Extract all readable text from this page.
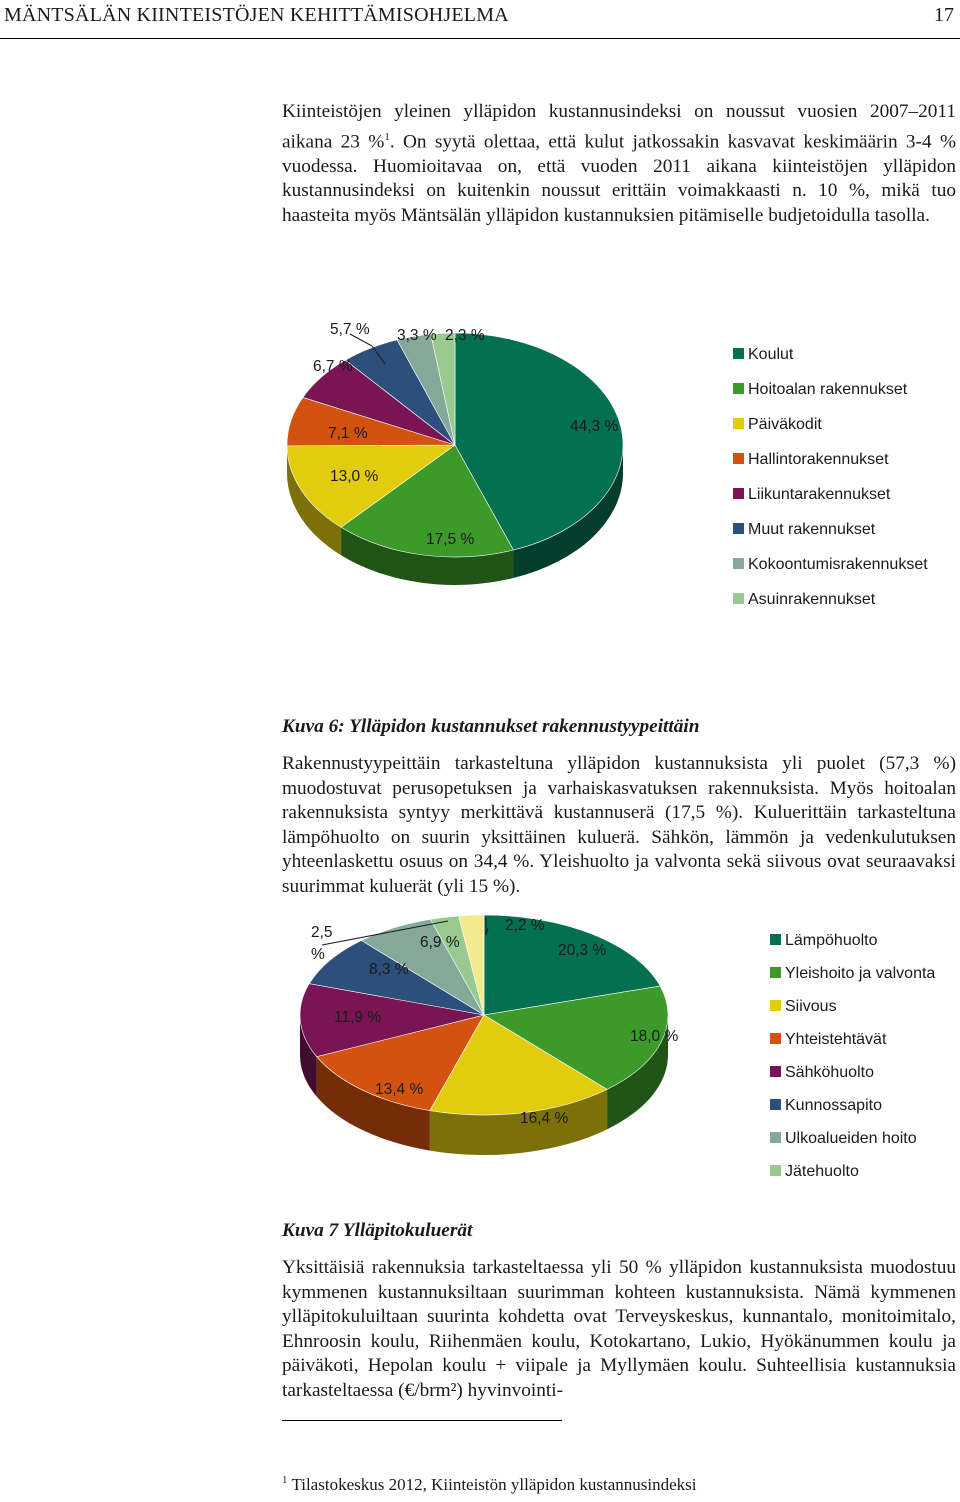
MÄNTSÄLÄN KIINTEISTÖJEN KEHITTÄMISOHJELMA	17

Kiinteistöjen yleinen ylläpidon kustannusindeksi on noussut vuosien 2007–2011 aikana 23 %$^1$. On syytä olettaa, että kulut jatkossakin kasvavat keskimäärin 3-4 % vuodessa. Huomioitavaa on, että vuoden 2011 aikana kiinteistöjen ylläpidon kustannusindeksi on kuitenkin noussut erittäin voimakkaasti n. 10 %, mikä tuo haasteita myös Mäntsälän ylläpidon kustannuksien pitämiselle budjetoidulla tasolla.

44,3 %
17,5 %
13,0 %
7,1 %
6,7 %
5,7 % 3,3 % 2,3 %
Koulut
Hoitoalan rakennukset
Päiväkodit
Hallintorakennukset
Liikuntarakennukset
Muut rakennukset
Kokoontumisrakennukset
Asuinrakennukset

Kuva 6: Ylläpidon kustannukset rakennustyypeittäin

Rakennustyypeittäin tarkasteltuna ylläpidon kustannuksista yli puolet (57,3 %) muodostuvat perusopetuksen ja varhaiskasvatuksen rakennuksista. Myös hoitoalan rakennuksista syntyy merkittävä kustannuserä (17,5 %). Kuluerittäin tarkasteltuna lämpöhuolto on suurin yksittäinen kuluerä. Sähkön, lämmön ja vedenkulutuksen yhteenlaskettu osuus on 34,4 %. Yleishuolto ja valvonta sekä siivous ovat seuraavaksi suurimmat kuluerät (yli 15 %).

20,3 %
18,0 %
16,4 %
13,4 %
11,9 %
8,3 %
6,9 %
2,5 %
2,2 %
Lämpöhuolto
Yleishoito ja valvonta
Siivous
Yhteistehtävät
Sähköhuolto
Kunnossapito
Ulkoalueiden hoito
Jätehuolto

Kuva 7 Ylläpitokuluerät

Yksittäisiä rakennuksia tarkasteltaessa yli 50 % ylläpidon kustannuksista muodostuu kymmenen kustannuksiltaan suurimman kohteen kustannuksista. Nämä kymmenen ylläpitokuluiltaan suurinta kohdetta ovat Terveyskeskus, kunnantalo, monitoimitalo, Ehnroosin koulu, Riihenmäen koulu, Kotokartano, Lukio, Hyökänummen koulu ja päiväkoti, Hepolan koulu + viipale ja Myllymäen koulu. Suhteellisia kustannuksia tarkasteltaessa (€/brm²) hyvinvointi-

$^1$ Tilastokeskus 2012, Kiinteistön ylläpidon kustannusindeksi
